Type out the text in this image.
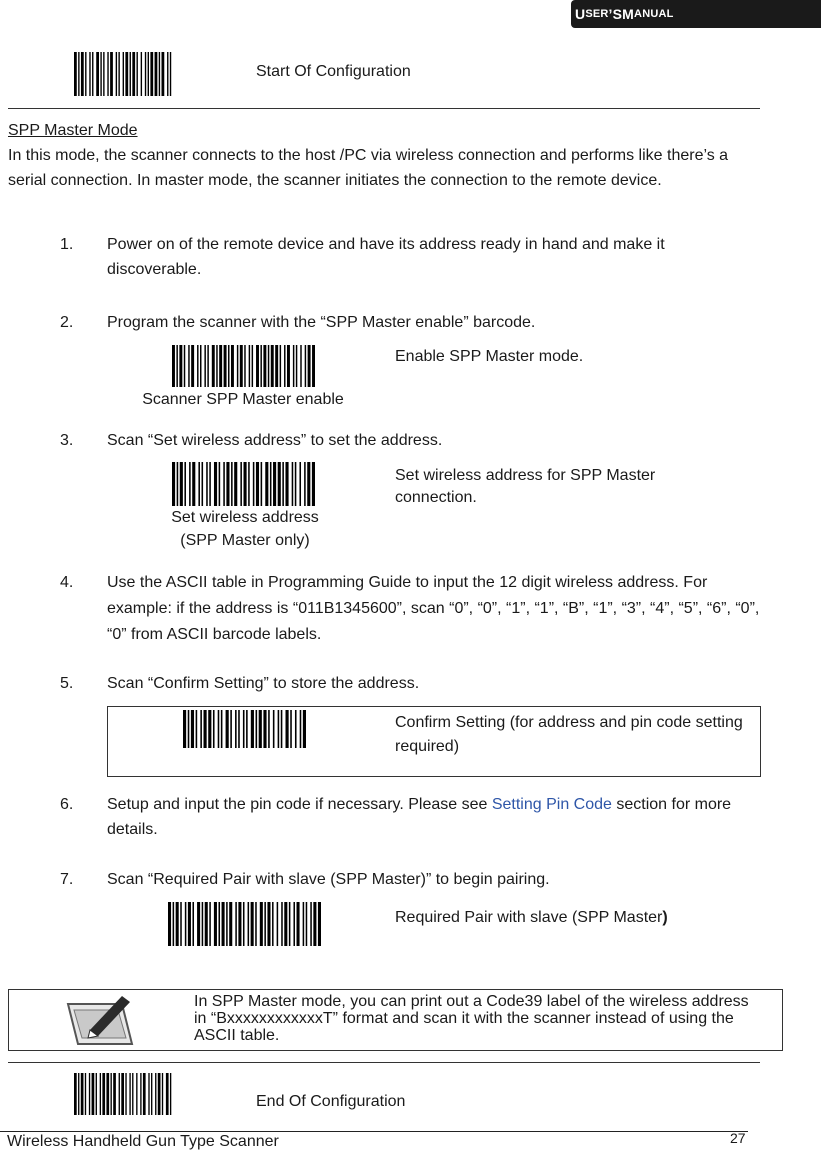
U SER ’ S M ANUAL
Start Of Configuration
SPP Master Mode
In this mode, the scanner connects to the host /PC via wireless connection and performs like there’s a serial connection. In master mode, the scanner initiates the connection to the remote device.
1. Power on of the remote device and have its address ready in hand and make it discoverable.
2. Program the scanner with the “SPP Master enable” barcode.
Scanner SPP Master enable
Enable SPP Master mode.
3. Scan “Set wireless address” to set the address.
Set wireless address
(SPP Master only)
Set wireless address for SPP Master connection.
4. Use the ASCII table in Programming Guide to input the 12 digit wireless address. For example: if the address is “011B1345600”, scan “0”, “0”, “1”, “1”, “B”, “1”, “3”, “4”, “5”, “6”, “0”, “0” from ASCII barcode labels.
5. Scan “Confirm Setting” to store the address.
Confirm Setting (for address and pin code setting required)
6. Setup and input the pin code if necessary. Please see Setting Pin Code section for more details.
7. Scan “Required Pair with slave (SPP Master)” to begin pairing.
Required Pair with slave (SPP Master)
In SPP Master mode, you can print out a Code39 label of the wireless address in “BxxxxxxxxxxxxT” format and scan it with the scanner instead of using the ASCII table.
End Of Configuration
Wireless Handheld Gun Type Scanner	27
